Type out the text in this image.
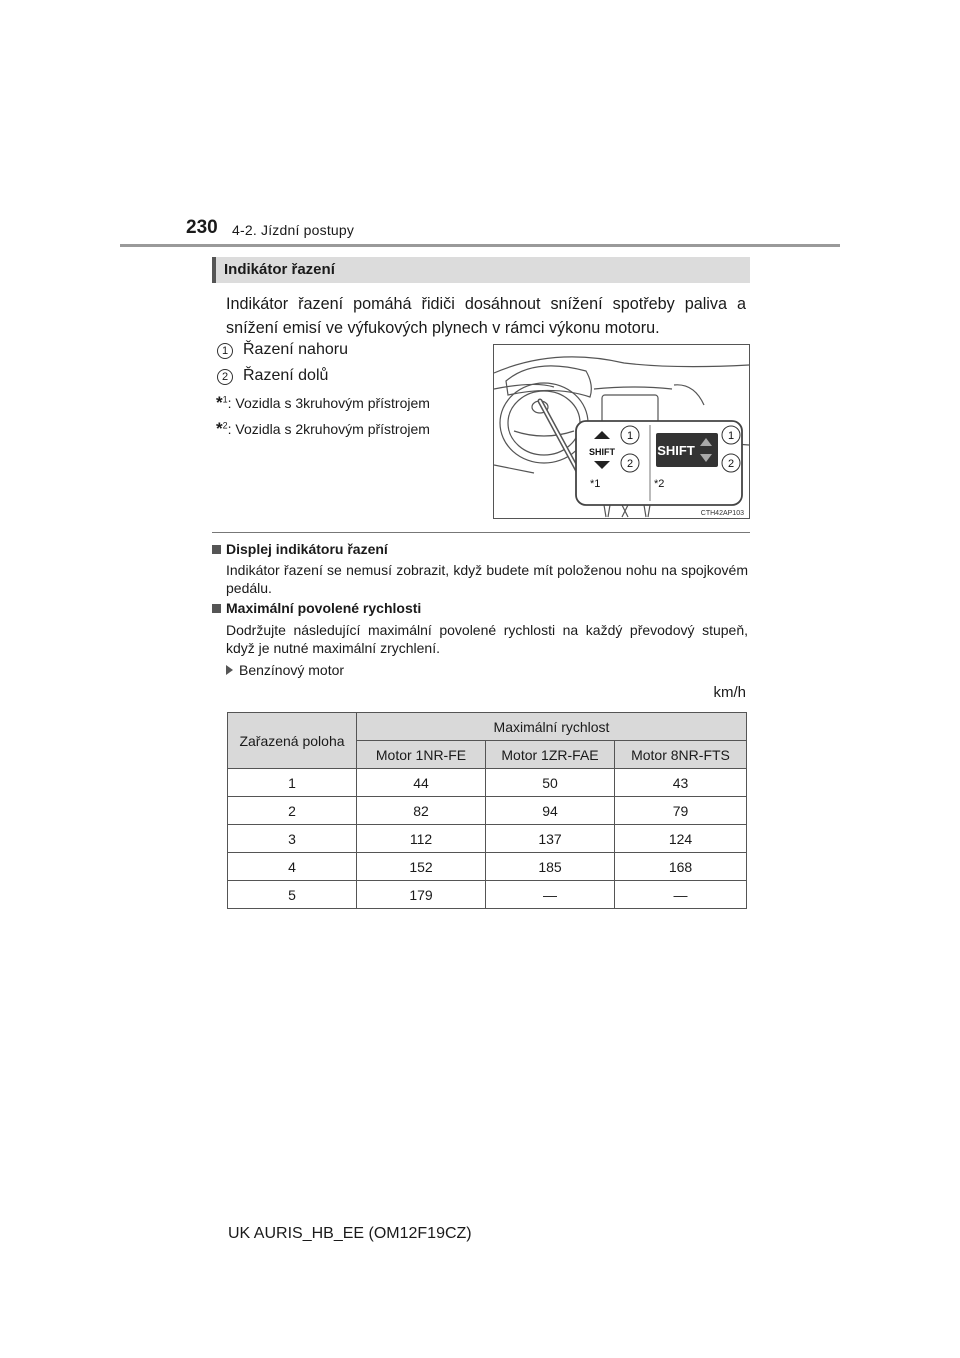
230 4-2. Jízdní postupy
Indikátor řazení
Indikátor řazení pomáhá řidiči dosáhnout snížení spotřeby paliva a snížení emisí ve výfukových plynech v rámci výkonu motoru.
1 Řazení nahoru
2 Řazení dolů
*$^1$: Vozidla s 3kruhovým přístrojem
*$^2$: Vozidla s 2kruhovým přístrojem
SHIFT	SHIFT
1
2
1
2
*1	*2
CTH42AP103
Displej indikátoru řazení
Indikátor řazení se nemusí zobrazit, když budete mít položenou nohu na spojkovém pedálu.
Maximální povolené rychlosti
Dodržujte následující maximální povolené rychlosti na každý převodový stupeň, když je nutné maximální zrychlení.
Benzínový motor
km/h
Zařazená poloha	Maximální rychlost		
	Motor 1NR-FE	Motor 1ZR-FAE	Motor 8NR-FTS
1	44	50	43
2	82	94	79
3	112	137	124
4	152	185	168
5	179	—	—
UK AURIS_HB_EE (OM12F19CZ)
